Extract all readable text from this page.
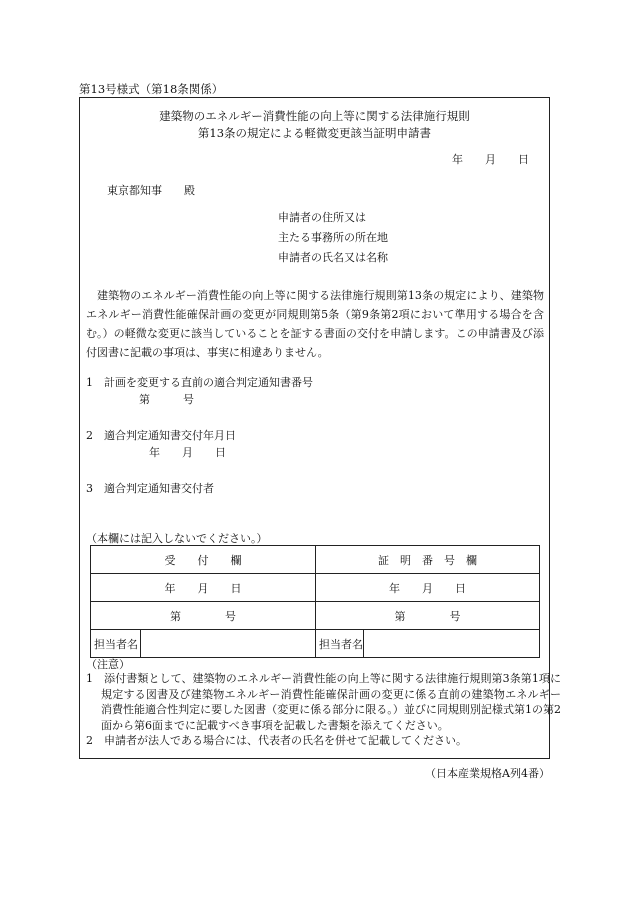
第13号様式（第18条関係）
建築物のエネルギー消費性能の向上等に関する法律施行規則
第13条の規定による軽微変更該当証明申請書
年　　月　　日
東京都知事　　殿
申請者の住所又は
主たる事務所の所在地
申請者の氏名又は名称
建築物のエネルギー消費性能の向上等に関する法律施行規則第13条の規定により、建築物エネルギー消費性能確保計画の変更が同規則第5条（第9条第2項において準用する場合を含む。）の軽微な変更に該当していることを証する書面の交付を申請します。この申請書及び添付図書に記載の事項は、事実に相違ありません。
1　計画を変更する直前の適合判定通知書番号
第　　　号
2　適合判定通知書交付年月日
年　　月　　日
3　適合判定通知書交付者
（本欄には記入しないでください。）
受　　付　　欄		証　明　番　号　欄	
年　　月　　日		年　　月　　日	
第　　　　号		第　　　　号	
担当者名		担当者名	
（注意）
1　添付書類として、建築物のエネルギー消費性能の向上等に関する法律施行規則第3条第1項に規定する図書及び建築物エネルギー消費性能確保計画の変更に係る直前の建築物エネルギー消費性能適合性判定に要した図書（変更に係る部分に限る。）並びに同規則別記様式第1の第2面から第6面までに記載すべき事項を記載した書類を添えてください。
2　申請者が法人である場合には、代表者の氏名を併せて記載してください。
（日本産業規格A列4番）
